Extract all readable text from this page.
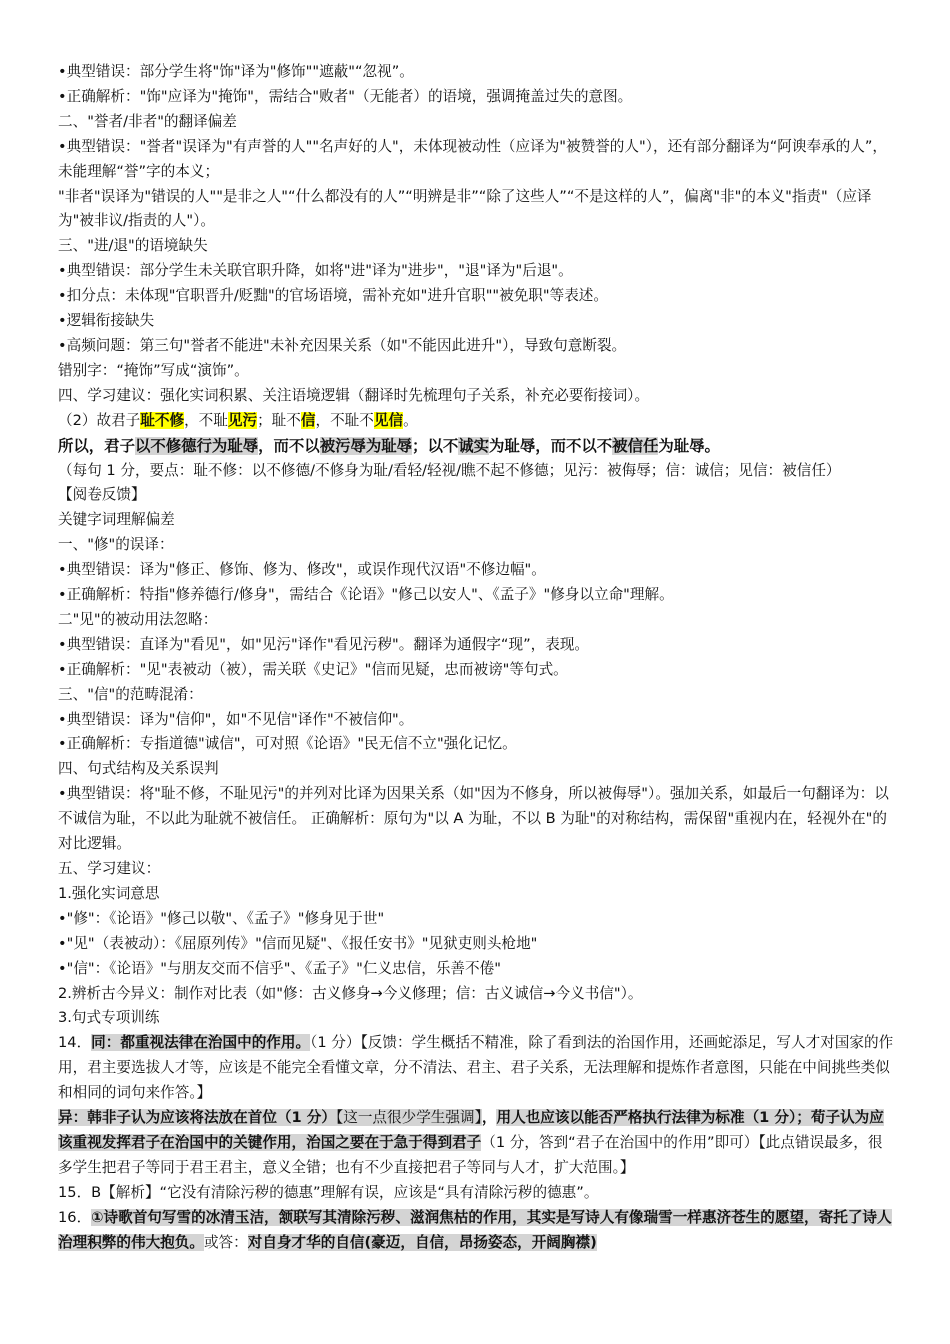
•典型错误：部分学生将"饰"译为"修饰""遮蔽"“忽视”。

•正确解析："饰"应译为"掩饰"，需结合"败者"（无能者）的语境，强调掩盖过失的意图。

二、"誉者/非者"的翻译偏差

•典型错误："誉者"误译为"有声誉的人""名声好的人"，未体现被动性（应译为"被赞誉的人"），还有部分翻译为“阿谀奉承的人”，未能理解“誉”字的本义；

"非者"误译为"错误的人""是非之人"“什么都没有的人”“明辨是非”“除了这些人”“不是这样的人”，偏离"非"的本义"指责"（应译为"被非议/指责的人"）。

三、"进/退"的语境缺失

•典型错误：部分学生未关联官职升降，如将"进"译为"进步"，"退"译为"后退"。

•扣分点：未体现"官职晋升/贬黜"的官场语境，需补充如"进升官职""被免职"等表述。

•逻辑衔接缺失

•高频问题：第三句"誉者不能进"未补充因果关系（如"不能因此进升"），导致句意断裂。

错别字：“掩饰”写成“演饰”。

四、学习建议：强化实词积累、关注语境逻辑（翻译时先梳理句子关系，补充必要衔接词）。

（2）故君子耻不修，不耻见污；耻不信，不耻不见信。

所以，君子以不修德行为耻辱，而不以被污辱为耻辱；以不诚实为耻辱，而不以不被信任为耻辱。

（每句 1 分，要点：耻不修：以不修德/不修身为耻/看轻/轻视/瞧不起不修德；见污：被侮辱；信：诚信；见信：被信任）

【阅卷反馈】

关键字词理解偏差

一、"修"的误译：

•典型错误：译为"修正、修饰、修为、修改"，或误作现代汉语"不修边幅"。

•正确解析：特指"修养德行/修身"，需结合《论语》"修己以安人"、《孟子》"修身以立命"理解。

二"见"的被动用法忽略：

•典型错误：直译为"看见"，如"见污"译作"看见污秽"。翻译为通假字“现”，表现。

•正确解析："见"表被动（被），需关联《史记》"信而见疑，忠而被谤"等句式。

三、"信"的范畴混淆：

•典型错误：译为"信仰"，如"不见信"译作"不被信仰"。

•正确解析：专指道德"诚信"，可对照《论语》"民无信不立"强化记忆。

四、句式结构及关系误判

•典型错误：将"耻不修，不耻见污"的并列对比译为因果关系（如"因为不修身，所以被侮辱"）。强加关系，如最后一句翻译为：以不诚信为耻，不以此为耻就不被信任。 正确解析：原句为"以 A 为耻，不以 B 为耻"的对称结构，需保留"重视内在，轻视外在"的对比逻辑。

五、学习建议：

1.强化实词意思

•"修"：《论语》"修己以敬"、《孟子》"修身见于世"

•"见"（表被动）：《屈原列传》"信而见疑"、《报任安书》"见狱吏则头枪地"

•"信"：《论语》"与朋友交而不信乎"、《孟子》"仁义忠信，乐善不倦"

2.辨析古今异义：制作对比表（如"修：古义修身→今义修理；信：古义诚信→今义书信"）。

3.句式专项训练

14．同：都重视法律在治国中的作用。（1 分）【反馈：学生概括不精准，除了看到法的治国作用，还画蛇添足，写人才对国家的作用，君主要选拔人才等，应该是不能完全看懂文章，分不清法、君主、君子关系，无法理解和提炼作者意图，只能在中间挑些类似和相同的词句来作答。】

异：韩非子认为应该将法放在首位（1 分）【这一点很少学生强调】，用人也应该以能否严格执行法律为标准（1 分）；荀子认为应该重视发挥君子在治国中的关键作用，治国之要在于急于得到君子（1 分，答到“君子在治国中的作用”即可）【此点错误最多，很多学生把君子等同于君王君主，意义全错；也有不少直接把君子等同与人才，扩大范围。】

15．B【解析】“它没有清除污秽的德惠”理解有误，应该是“具有清除污秽的德惠”。

16．①诗歌首句写雪的冰清玉洁，颔联写其清除污秽、滋润焦枯的作用，其实是写诗人有像瑞雪一样惠济苍生的愿望，寄托了诗人治理积弊的伟大抱负。或答：对自身才华的自信(豪迈，自信，昂扬姿态，开阔胸襟)
